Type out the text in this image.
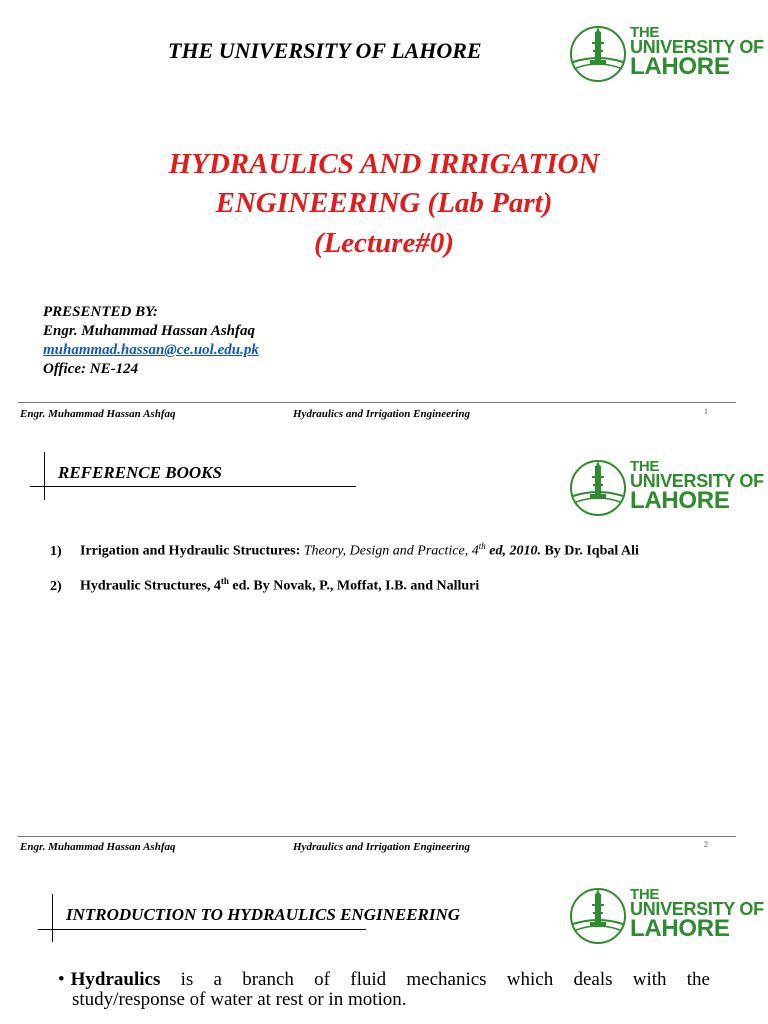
THE UNIVERSITY OF LAHORE
THE
UNIVERSITY OF
LAHORE
HYDRAULICS AND IRRIGATION
ENGINEERING (Lab Part)
(Lecture#0)
PRESENTED BY:
Engr. Muhammad Hassan Ashfaq
muhammad.hassan@ce.uol.edu.pk
Office: NE-124
Engr. Muhammad Hassan Ashfaq	Hydraulics and Irrigation Engineering	1
REFERENCE BOOKS	THE
UNIVERSITY OF
LAHORE
1) Irrigation and Hydraulic Structures: Theory, Design and Practice, 4th ed, 2010. By Dr. Iqbal Ali
2) Hydraulic Structures, 4th ed. By Novak, P., Moffat, I.B. and Nalluri
Engr. Muhammad Hassan Ashfaq	Hydraulics and Irrigation Engineering	2
INTRODUCTION TO HYDRAULICS ENGINEERING
THE
UNIVERSITY OF
LAHORE
• Hydraulics is a branch of fluid mechanics which deals with the
study/response of water at rest or in motion.
